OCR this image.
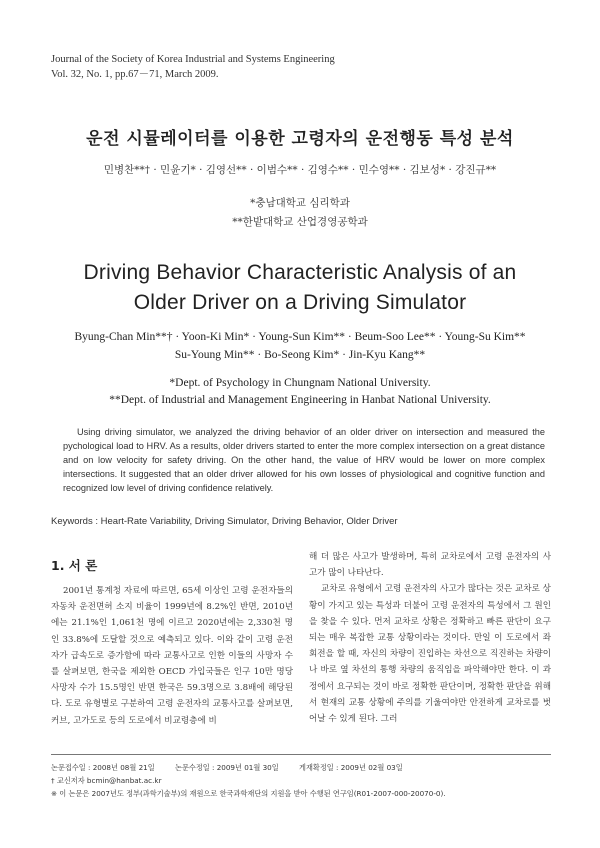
Journal of the Society of Korea Industrial and Systems Engineering
Vol. 32, No. 1, pp.67－71, March 2009.
운전 시뮬레이터를 이용한 고령자의 운전행동 특성 분석
민병찬**† · 민윤기* · 김영선** · 이범수** · 김영수** · 민수영** · 김보성* · 강진규**
*충남대학교 심리학과
**한밭대학교 산업경영공학과
Driving Behavior Characteristic Analysis of an
Older Driver on a Driving Simulator
Byung-Chan Min**† · Yoon-Ki Min* · Young-Sun Kim** · Beum-Soo Lee** · Young-Su Kim**
Su-Young Min** · Bo-Seong Kim* · Jin-Kyu Kang**
*Dept. of Psychology in Chungnam National University.
**Dept. of Industrial and Management Engineering in Hanbat National University.

Using driving simulator, we analyzed the driving behavior of an older driver on intersection and measured the pychological load to HRV. As a results, older drivers started to enter the more complex intersection on a great distance and on low velocity for safety driving. On the other hand, the value of HRV would be lower on more complex intersections. It suggested that an older driver allowed for his own losses of physiological and cognitive function and recognized low level of driving confidence relatively.

Keywords : Heart-Rate Variability, Driving Simulator, Driving Behavior, Older Driver
1. 서 론

2001년 통계청 자료에 따르면, 65세 이상인 고령 운전자들의 자동차 운전면허 소지 비율이 1999년에 8.2%인 반면, 2010년에는 21.1%인 1,061천 명에 이르고 2020년에는 2,330천 명인 33.8%에 도달할 것으로 예측되고 있다. 이와 같이 고령 운전자가 급속도로 증가함에 따라 교통사고로 인한 이들의 사망자 수를 살펴보면, 한국을 제외한 OECD 가입국들은 인구 10만 명당 사망자 수가 15.5명인 반면 한국은 59.3명으로 3.8배에 해당된다. 도로 유형별로 구분하여 고령 운전자의 교통사고를 살펴보면, 커브, 고가도로 등의 도로에서 비교령층에 비

해 더 많은 사고가 발생하며, 특히 교차로에서 고령 운전자의 사고가 많이 나타난다.

교차로 유형에서 고령 운전자의 사고가 많다는 것은 교차로 상황이 가지고 있는 특성과 더불어 고령 운전자의 특성에서 그 원인을 찾을 수 있다. 먼저 교차로 상황은 정확하고 빠른 판단이 요구되는 매우 복잡한 교통 상황이라는 것이다. 만일 이 도로에서 좌회전을 할 때, 자신의 차량이 진입하는 차선으로 직진하는 차량이나 바로 옆 차선의 통행 차량의 움직임을 파악해야만 한다. 이 과정에서 요구되는 것이 바로 정확한 판단이며, 정확한 판단을 위해서 현재의 교통 상황에 주의를 기울여야만 안전하게 교차로를 벗어날 수 있게 된다. 그러

논문접수일 : 2008년 08월 21일	논문수정일 : 2009년 01월 30일	게재확정일 : 2009년 02월 03일
† 교신저자 bcmin@hanbat.ac.kr
※ 이 논문은 2007년도 정부(과학기술부)의 재원으로 한국과학재단의 지원을 받아 수행된 연구임(R01-2007-000-20070-0).
